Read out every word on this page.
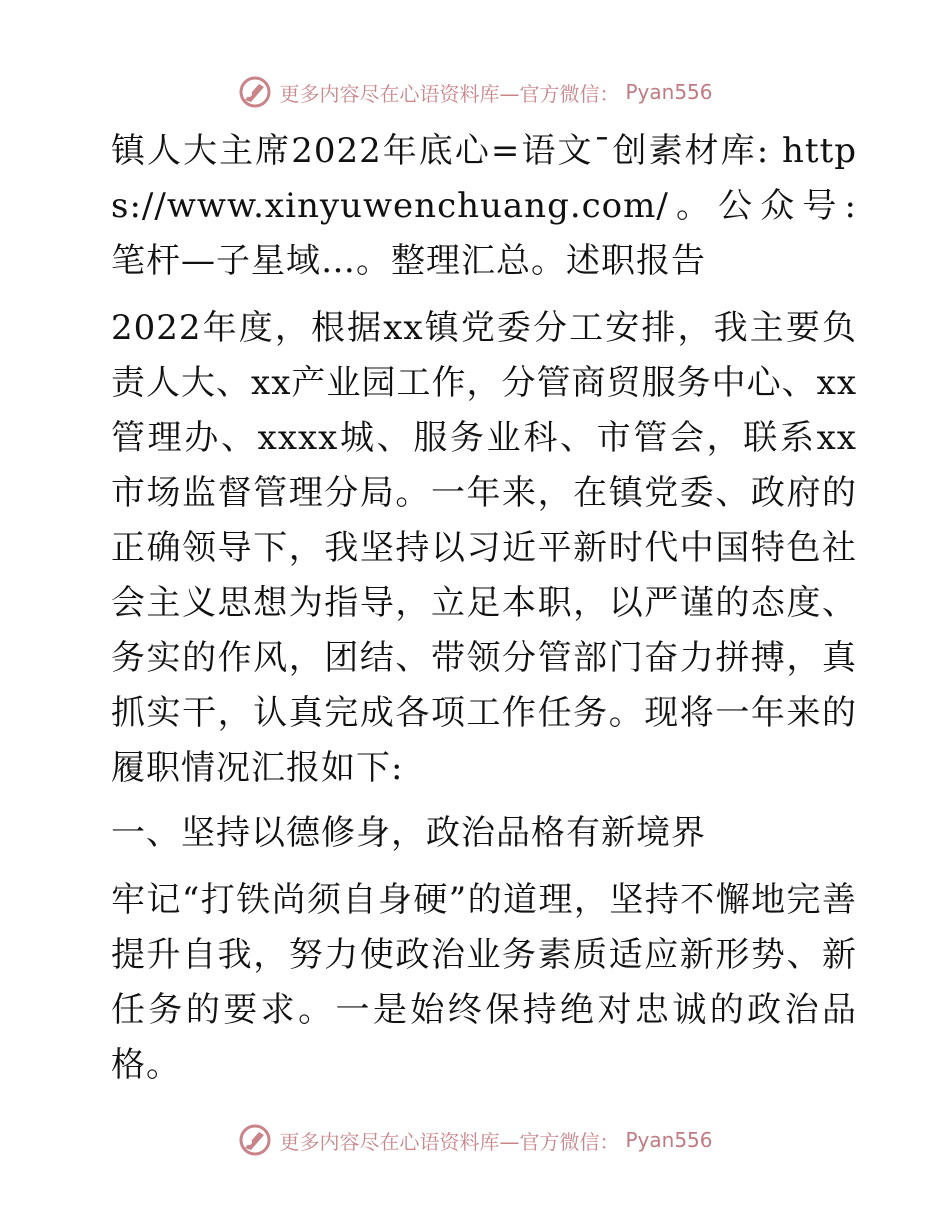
更多内容尽在心语资料库—官方微信： Pyan556

镇人大主席2022年底心=语文¯创素材库: https://www.xinyuwenchuang.com/。公众号: 笔杆—子星域…。整理汇总。述职报告

2022年度，根据xx镇党委分工安排，我主要负责人大、xx产业园工作，分管商贸服务中心、xx管理办、xxxx城、服务业科、市管会，联系xx市场监督管理分局。一年来，在镇党委、政府的正确领导下，我坚持以习近平新时代中国特色社会主义思想为指导，立足本职，以严谨的态度、务实的作风，团结、带领分管部门奋力拼搏，真抓实干，认真完成各项工作任务。现将一年来的履职情况汇报如下:

一、坚持以德修身，政治品格有新境界

牢记“打铁尚须自身硬”的道理，坚持不懈地完善提升自我，努力使政治业务素质适应新形势、新任务的要求。一是始终保持绝对忠诚的政治品格。

更多内容尽在心语资料库—官方微信： Pyan556
